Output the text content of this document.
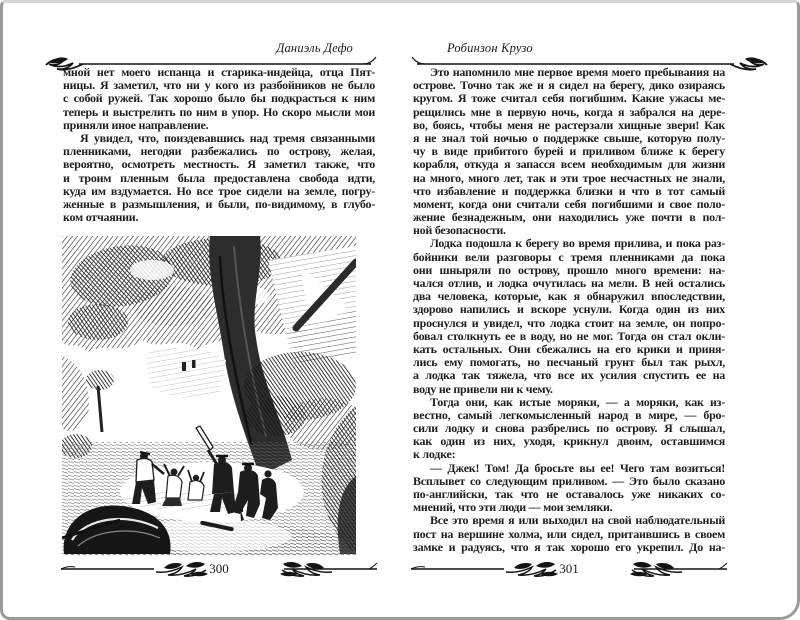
Даниэль Дефо
мной нет моего испанца и старика-индейца, отца Пят-
ницы. Я заметил, что ни у кого из разбойников не было
с собой ружей. Так хорошо было бы подкрасться к ним
теперь и выстрелить по ним в упор. Но скоро мысли мои
приняли иное направление.
Я увидел, что, поиздевавшись над тремя связанными
пленниками, негодяи разбежались по острову, желая,
вероятно, осмотреть местность. Я заметил также, что
и троим пленным была предоставлена свобода идти,
куда им вздумается. Но все трое сидели на земле, погру-
женные в размышления, и были, по-видимому, в глубо-
ком отчаянии.
300
Робинзон Крузо
Это напомнило мне первое время моего пребывания на
острове. Точно так же и я сидел на берегу, дико озираясь
кругом. Я тоже считал себя погибшим. Какие ужасы ме-
рещились мне в первую ночь, когда я забрался на дере-
во, боясь, чтобы меня не растерзали хищные звери! Как
я не знал той ночью о поддержке свыше, которую полу-
чу в виде прибитого бурей и приливом ближе к берегу
корабля, откуда я запасся всем необходимым для жизни
на много, много лет, так и эти трое несчастных не знали,
что избавление и поддержка близки и что в тот самый
момент, когда они считали себя погибшими и свое поло-
жение безнадежным, они находились уже почти в пол-
ной безопасности.
Лодка подошла к берегу во время прилива, и пока раз-
бойники вели разговоры с тремя пленниками да пока
они шныряли по острову, прошло много времени: на-
чался отлив, и лодка очутилась на мели. В ней остались
два человека, которые, как я обнаружил впоследствии,
здорово напились и вскоре уснули. Когда один из них
проснулся и увидел, что лодка стоит на земле, он попро-
бовал столкнуть ее в воду, но не мог. Тогда он стал окли-
кать остальных. Они сбежались на его крики и приня-
лись ему помогать, но песчаный грунт был так рыхл,
а лодка так тяжела, что все их усилия спустить ее на
воду не привели ни к чему.
Тогда они, как истые моряки, — а моряки, как из-
вестно, самый легкомысленный народ в мире, — бро-
сили лодку и снова разбрелись по острову. Я слышал,
как один из них, уходя, крикнул двоим, оставшимся
к лодке:
— Джек! Том! Да бросьте вы ее! Чего там возиться!
Всплывет со следующим приливом. — Это было сказано
по-английски, так что не оставалось уже никаких со-
мнений, что эти люди — мои земляки.
Все это время я или выходил на свой наблюдательный
пост на вершине холма, или сидел, притаившись в своем
замке и радуясь, что я так хорошо его укрепил. До на-
301
